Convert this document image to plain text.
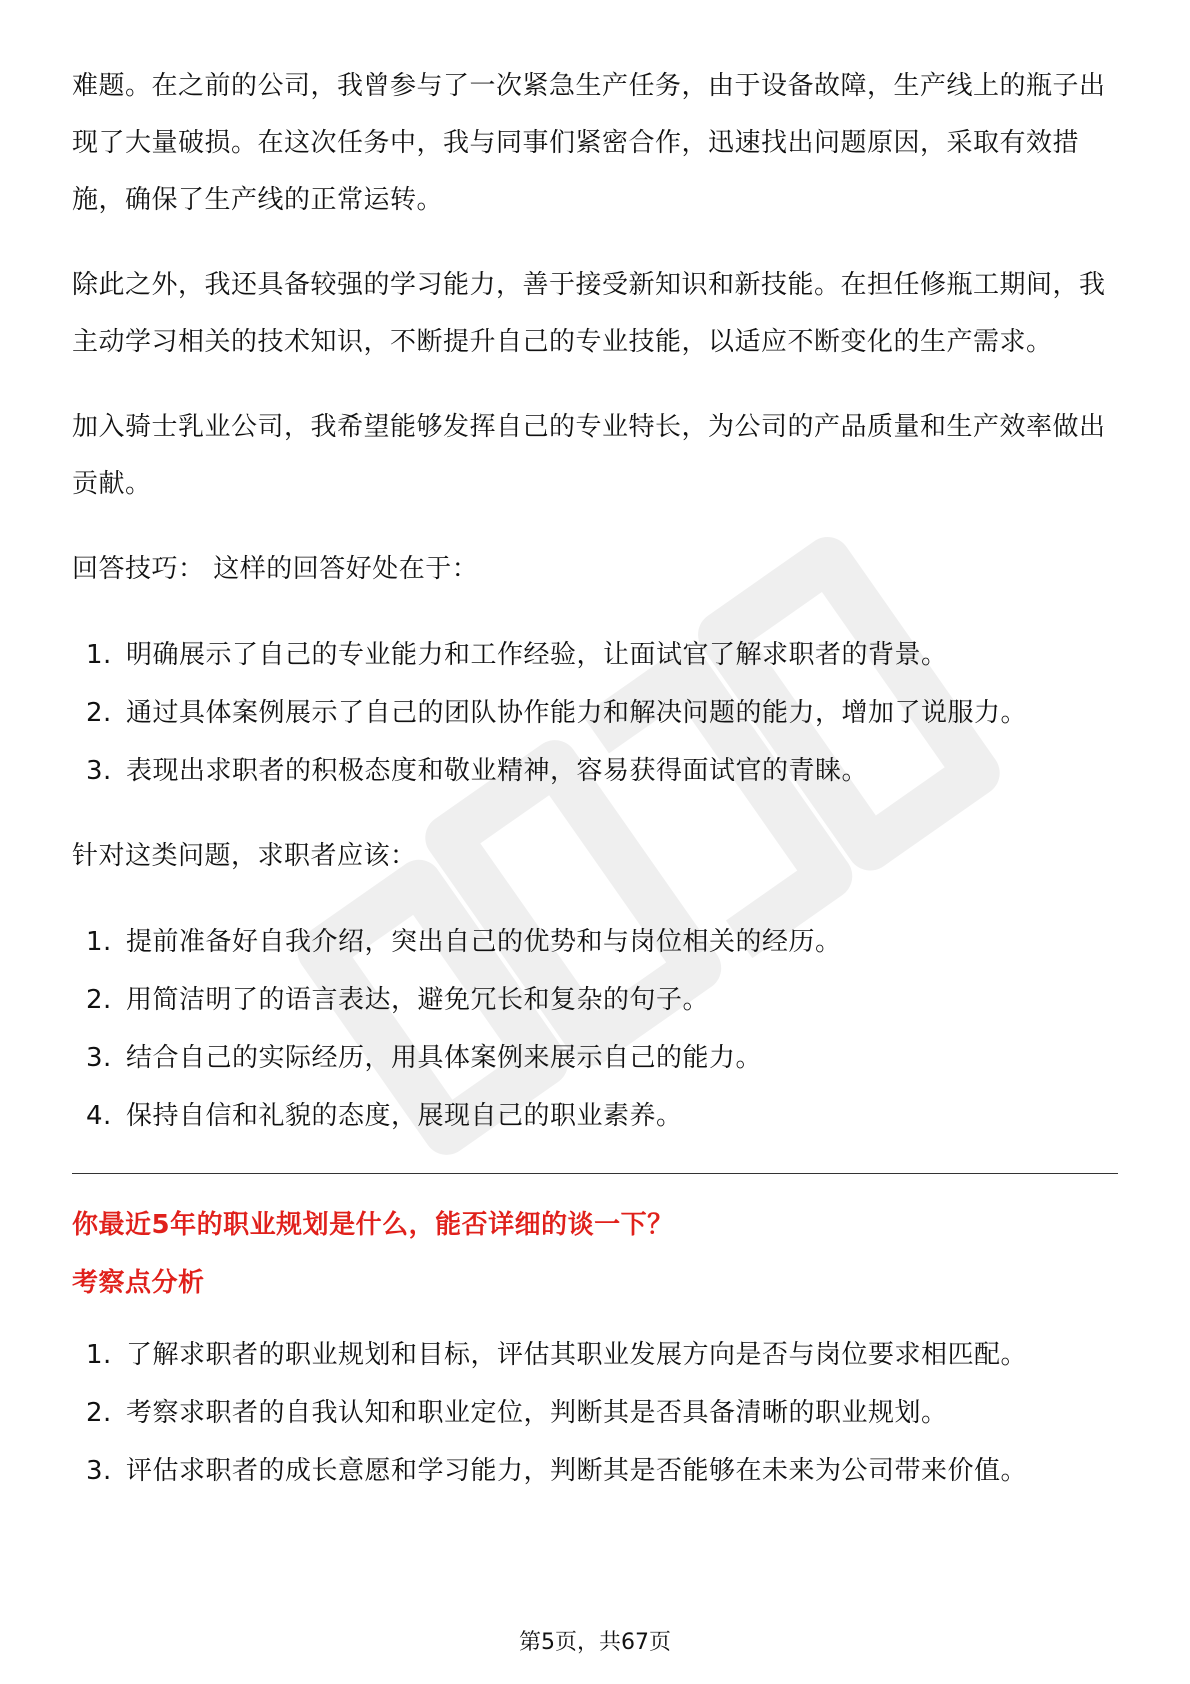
难题。在之前的公司，我曾参与了一次紧急生产任务，由于设备故障，生产线上的瓶子出现了大量破损。在这次任务中，我与同事们紧密合作，迅速找出问题原因，采取有效措施，确保了生产线的正常运转。

除此之外，我还具备较强的学习能力，善于接受新知识和新技能。在担任修瓶工期间，我主动学习相关的技术知识，不断提升自己的专业技能，以适应不断变化的生产需求。

加入骑士乳业公司，我希望能够发挥自己的专业特长，为公司的产品质量和生产效率做出贡献。

回答技巧： 这样的回答好处在于：

1. 明确展示了自己的专业能力和工作经验，让面试官了解求职者的背景。
2. 通过具体案例展示了自己的团队协作能力和解决问题的能力，增加了说服力。
3. 表现出求职者的积极态度和敬业精神，容易获得面试官的青睐。

针对这类问题，求职者应该：

1. 提前准备好自我介绍，突出自己的优势和与岗位相关的经历。
2. 用简洁明了的语言表达，避免冗长和复杂的句子。
3. 结合自己的实际经历，用具体案例来展示自己的能力。
4. 保持自信和礼貌的态度，展现自己的职业素养。
你最近5年的职业规划是什么，能否详细的谈一下？
考察点分析
1. 了解求职者的职业规划和目标，评估其职业发展方向是否与岗位要求相匹配。
2. 考察求职者的自我认知和职业定位，判断其是否具备清晰的职业规划。
3. 评估求职者的成长意愿和学习能力，判断其是否能够在未来为公司带来价值。
第5页，共67页
